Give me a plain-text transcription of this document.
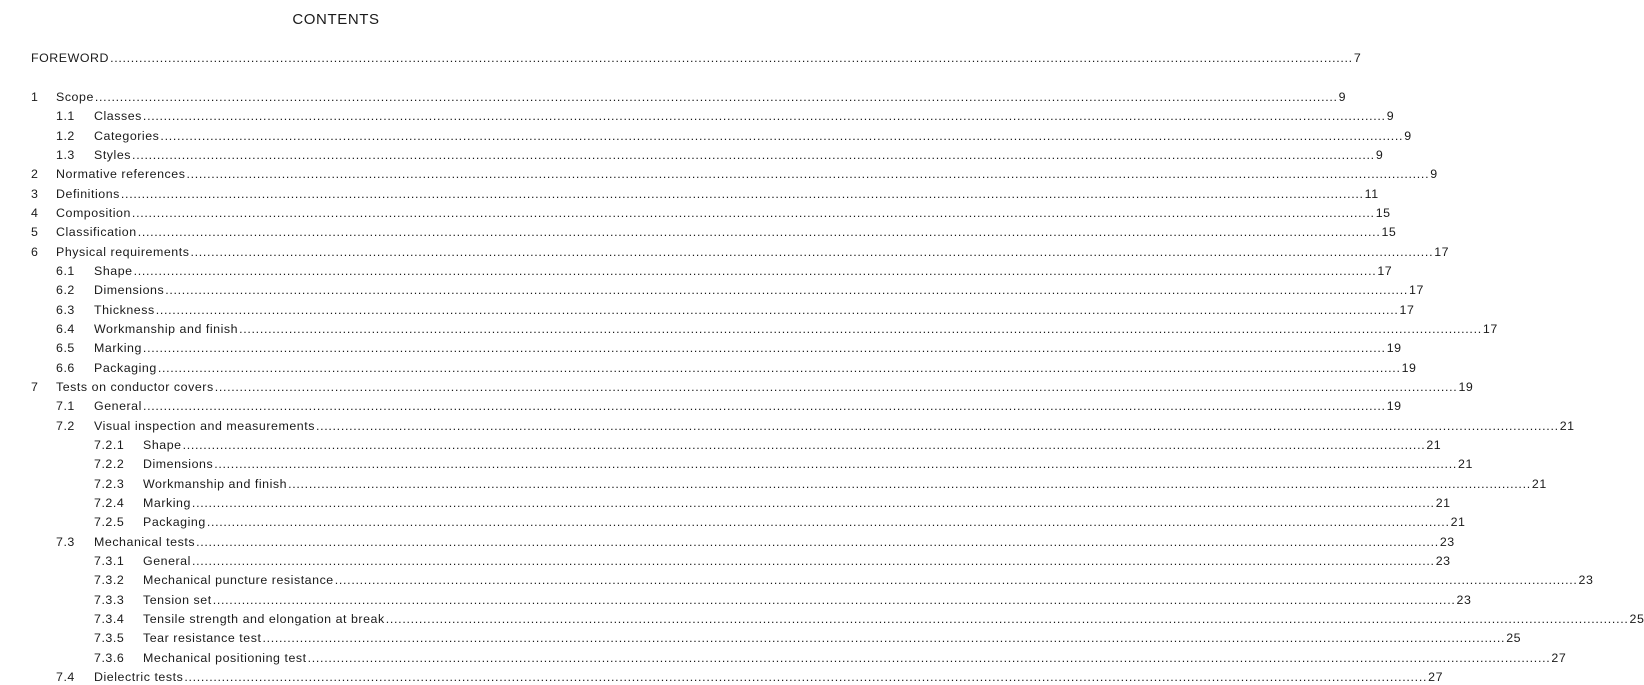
CONTENTS
FOREWORD ............................................................................................................................................................................................................................................................................................................ 7
1 Scope ............................................................................................................................................................................................................................................................................................................ 9
1.1 Classes ............................................................................................................................................................................................................................................................................................................ 9
1.2 Categories ............................................................................................................................................................................................................................................................................................................ 9
1.3 Styles ............................................................................................................................................................................................................................................................................................................ 9
2 Normative references ............................................................................................................................................................................................................................................................................................................ 9
3 Definitions ............................................................................................................................................................................................................................................................................................................ 11
4 Composition ............................................................................................................................................................................................................................................................................................................ 15
5 Classification ............................................................................................................................................................................................................................................................................................................ 15
6 Physical requirements ............................................................................................................................................................................................................................................................................................................ 17
6.1 Shape ............................................................................................................................................................................................................................................................................................................ 17
6.2 Dimensions ............................................................................................................................................................................................................................................................................................................ 17
6.3 Thickness ............................................................................................................................................................................................................................................................................................................ 17
6.4 Workmanship and finish ............................................................................................................................................................................................................................................................................................................ 17
6.5 Marking ............................................................................................................................................................................................................................................................................................................ 19
6.6 Packaging ............................................................................................................................................................................................................................................................................................................ 19
7 Tests on conductor covers ............................................................................................................................................................................................................................................................................................................ 19
7.1 General ............................................................................................................................................................................................................................................................................................................ 19
7.2 Visual inspection and measurements ............................................................................................................................................................................................................................................................................................................ 21
7.2.1 Shape ............................................................................................................................................................................................................................................................................................................ 21
7.2.2 Dimensions ............................................................................................................................................................................................................................................................................................................ 21
7.2.3 Workmanship and finish ............................................................................................................................................................................................................................................................................................................ 21
7.2.4 Marking ............................................................................................................................................................................................................................................................................................................ 21
7.2.5 Packaging ............................................................................................................................................................................................................................................................................................................ 21
7.3 Mechanical tests ............................................................................................................................................................................................................................................................................................................ 23
7.3.1 General ............................................................................................................................................................................................................................................................................................................ 23
7.3.2 Mechanical puncture resistance ............................................................................................................................................................................................................................................................................................................ 23
7.3.3 Tension set ............................................................................................................................................................................................................................................................................................................ 23
7.3.4 Tensile strength and elongation at break ............................................................................................................................................................................................................................................................................................................ 25
7.3.5 Tear resistance test ............................................................................................................................................................................................................................................................................................................ 25
7.3.6 Mechanical positioning test ............................................................................................................................................................................................................................................................................................................ 27
7.4 Dielectric tests ............................................................................................................................................................................................................................................................................................................ 27
